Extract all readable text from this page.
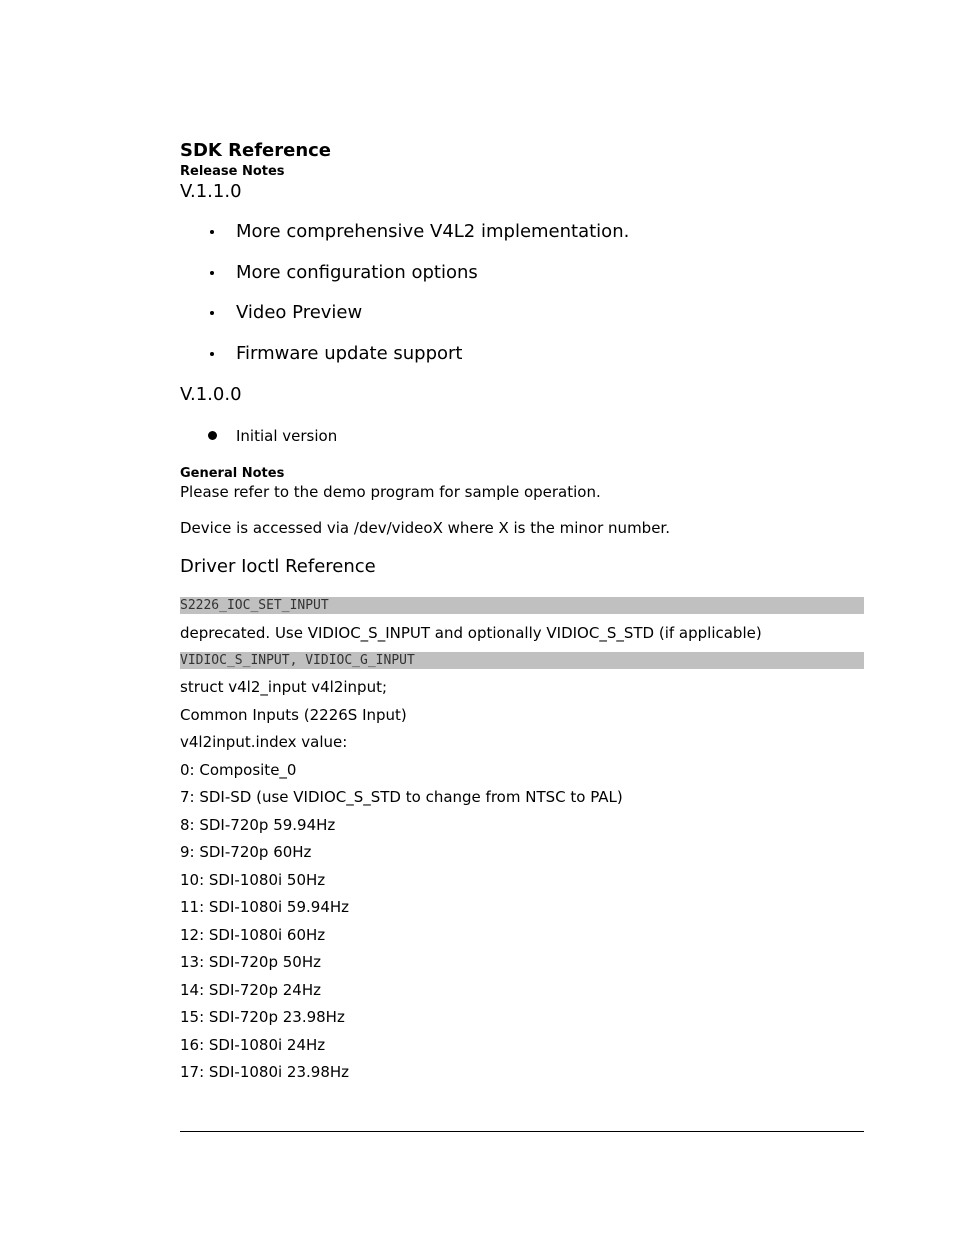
SDK Reference
Release Notes
V.1.1.0
More comprehensive V4L2 implementation.
More configuration options
Video Preview
Firmware update support
V.1.0.0
Initial version
General Notes
Please refer to the demo program for sample operation.
Device is accessed via /dev/videoX where X is the minor number.
Driver Ioctl Reference
S2226_IOC_SET_INPUT
deprecated. Use VIDIOC_S_INPUT and optionally VIDIOC_S_STD (if applicable)
VIDIOC_S_INPUT, VIDIOC_G_INPUT
struct v4l2_input v4l2input;
Common Inputs (2226S Input)
v4l2input.index value:
0: Composite_0
7: SDI-SD (use VIDIOC_S_STD to change from NTSC to PAL)
8: SDI-720p 59.94Hz
9: SDI-720p 60Hz
10: SDI-1080i 50Hz
11: SDI-1080i 59.94Hz
12: SDI-1080i 60Hz
13: SDI-720p 50Hz
14: SDI-720p 24Hz
15: SDI-720p 23.98Hz
16: SDI-1080i 24Hz
17: SDI-1080i 23.98Hz
